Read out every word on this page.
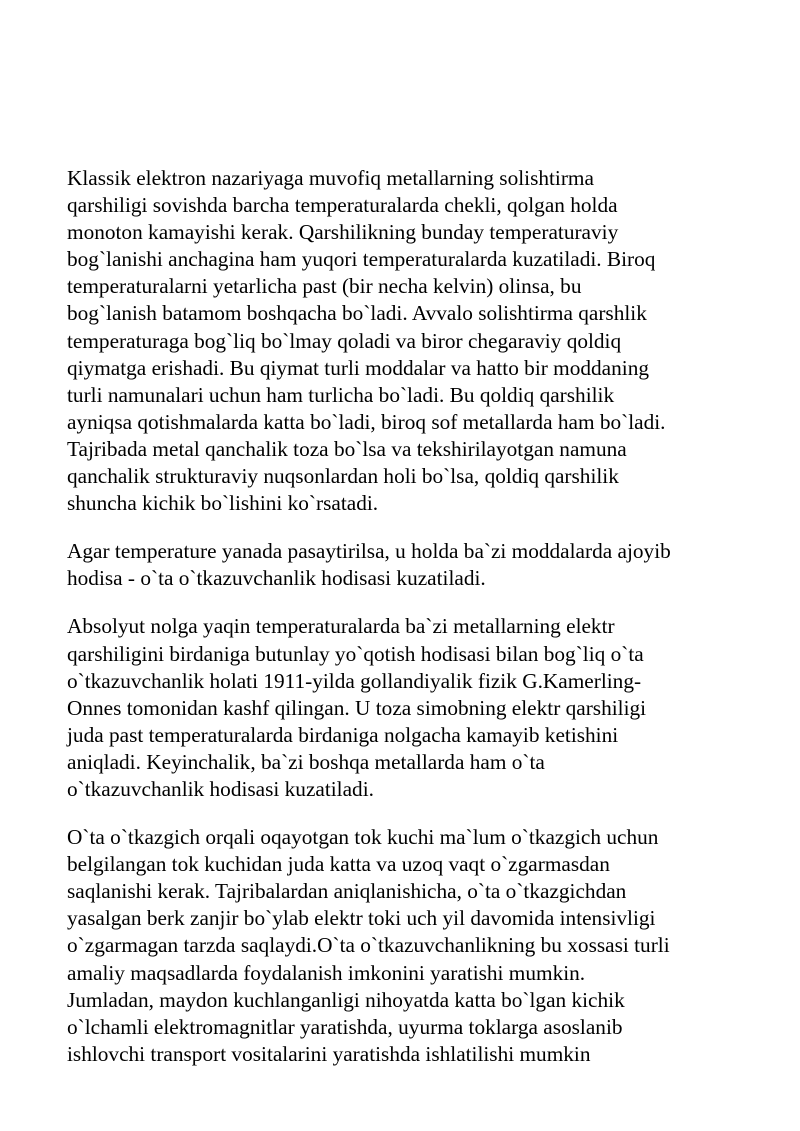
Klassik elektron nazariyaga muvofiq metallarning solishtirma
qarshiligi sovishda barcha temperaturalarda chekli, qolgan holda
monoton kamayishi kerak. Qarshilikning bunday temperaturaviy
bog`lanishi anchagina ham yuqori temperaturalarda kuzatiladi. Biroq
temperaturalarni yetarlicha past (bir necha kelvin) olinsa, bu
bog`lanish batamom boshqacha bo`ladi. Avvalo solishtirma qarshlik
temperaturaga bog`liq bo`lmay qoladi va biror chegaraviy qoldiq
qiymatga erishadi. Bu qiymat turli moddalar va hatto bir moddaning
turli namunalari uchun ham turlicha bo`ladi. Bu qoldiq qarshilik
ayniqsa qotishmalarda katta bo`ladi, biroq sof metallarda ham bo`ladi.
Tajribada metal qanchalik toza bo`lsa va tekshirilayotgan namuna
qanchalik strukturaviy nuqsonlardan holi bo`lsa, qoldiq qarshilik
shuncha kichik bo`lishini ko`rsatadi.

Agar temperature yanada pasaytirilsa, u holda ba`zi moddalarda ajoyib
hodisa - o`ta o`tkazuvchanlik hodisasi kuzatiladi.

Absolyut nolga yaqin temperaturalarda ba`zi metallarning elektr
qarshiligini birdaniga butunlay yo`qotish hodisasi bilan bog`liq o`ta
o`tkazuvchanlik holati 1911-yilda gollandiyalik fizik G.Kamerling-
Onnes tomonidan kashf qilingan. U toza simobning elektr qarshiligi
juda past temperaturalarda birdaniga nolgacha kamayib ketishini
aniqladi. Keyinchalik, ba`zi boshqa metallarda ham o`ta
o`tkazuvchanlik hodisasi kuzatiladi.

O`ta o`tkazgich orqali oqayotgan tok kuchi ma`lum o`tkazgich uchun
belgilangan tok kuchidan juda katta va uzoq vaqt o`zgarmasdan
saqlanishi kerak. Tajribalardan aniqlanishicha, o`ta o`tkazgichdan
yasalgan berk zanjir bo`ylab elektr toki uch yil davomida intensivligi
o`zgarmagan tarzda saqlaydi.O`ta o`tkazuvchanlikning bu xossasi turli
amaliy maqsadlarda foydalanish imkonini yaratishi mumkin.
Jumladan, maydon kuchlanganligi nihoyatda katta bo`lgan kichik
o`lchamli elektromagnitlar yaratishda, uyurma toklarga asoslanib
ishlovchi transport vositalarini yaratishda ishlatilishi mumkin
